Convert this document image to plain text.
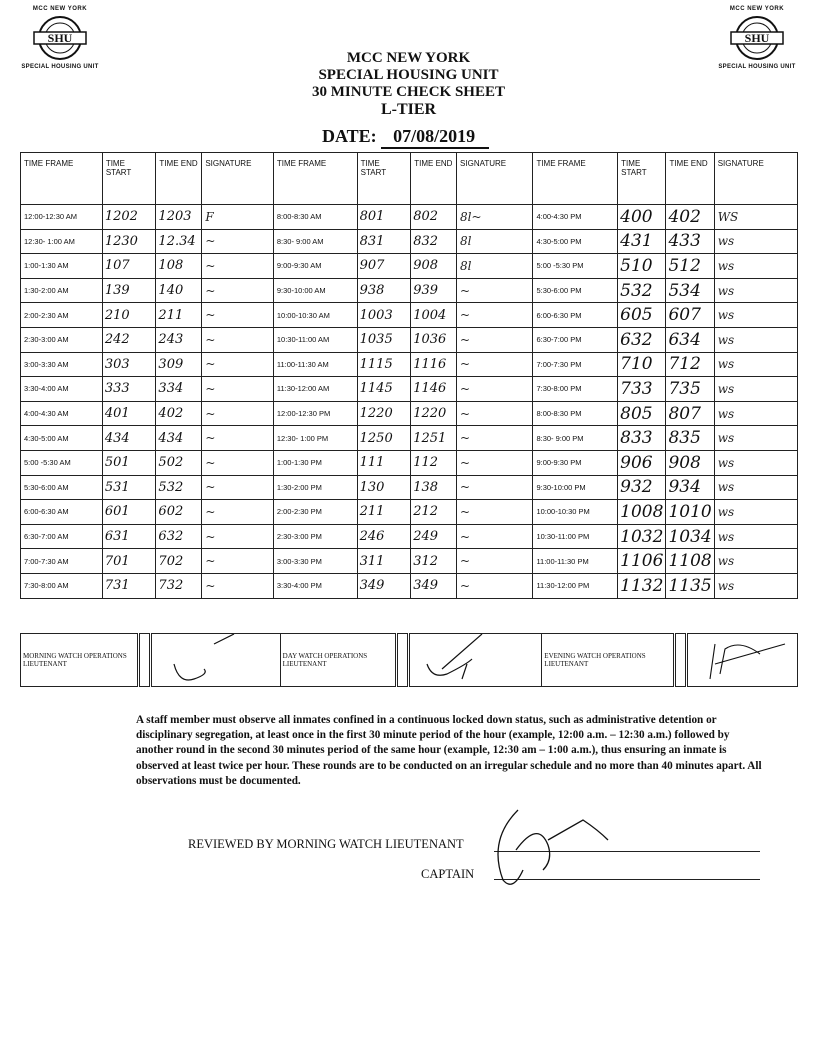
MCC NEW YORK
SHU
SPECIAL HOUSING UNIT
MCC NEW YORK
SHU
SPECIAL HOUSING UNIT
MCC NEW YORK
SPECIAL HOUSING UNIT
30 MINUTE CHECK SHEET
L-TIER
DATE: 07/08/2019
TIME FRAME	TIME START	TIME END	SIGNATURE	TIME FRAME	TIME START	TIME END	SIGNATURE	TIME FRAME	TIME START	TIME END	SIGNATURE
12:00-12:30 AM	1202	1203	F	8:00-8:30 AM	801	802	8l~	4:00-4:30 PM	400	402	WS
12:30- 1:00 AM	1230	12.34	~	8:30- 9:00 AM	831	832	8l	4:30-5:00 PM	431	433	ws
1:00-1:30 AM	107	108	~	9:00-9:30 AM	907	908	8l	5:00 -5:30 PM	510	512	ws
1:30-2:00 AM	139	140	~	9:30-10:00 AM	938	939	~	5:30-6:00 PM	532	534	ws
2:00-2:30 AM	210	211	~	10:00-10:30 AM	1003	1004	~	6:00-6:30 PM	605	607	ws
2:30-3:00 AM	242	243	~	10:30-11:00 AM	1035	1036	~	6:30-7:00 PM	632	634	ws
3:00-3:30 AM	303	309	~	11:00-11:30 AM	1115	1116	~	7:00-7:30 PM	710	712	ws
3:30-4:00 AM	333	334	~	11:30-12:00 AM	1145	1146	~	7:30-8:00 PM	733	735	ws
4:00-4:30 AM	401	402	~	12:00-12:30 PM	1220	1220	~	8:00-8:30 PM	805	807	ws
4:30-5:00 AM	434	434	~	12:30- 1:00 PM	1250	1251	~	8:30- 9:00 PM	833	835	ws
5:00 -5:30 AM	501	502	~	1:00-1:30 PM	111	112	~	9:00-9:30 PM	906	908	ws
5:30-6:00 AM	531	532	~	1:30-2:00 PM	130	138	~	9:30-10:00 PM	932	934	ws
6:00-6:30 AM	601	602	~	2:00-2:30 PM	211	212	~	10:00-10:30 PM	1008	1010	ws
6:30-7:00 AM	631	632	~	2:30-3:00 PM	246	249	~	10:30-11:00 PM	1032	1034	ws
7:00-7:30 AM	701	702	~	3:00-3:30 PM	311	312	~	11:00-11:30 PM	1106	1108	ws
7:30-8:00 AM	731	732	~	3:30-4:00 PM	349	349	~	11:30-12:00 PM	1132	1135	ws
MORNING WATCH OPERATIONS LIEUTENANT			DAY WATCH OPERATIONS LIEUTENANT			EVENING WATCH OPERATIONS LIEUTENANT		
A staff member must observe all inmates confined in a continuous locked down status, such as administrative detention or disciplinary segregation, at least once in the first 30 minute period of the hour (example, 12:00 a.m. – 12:30 a.m.) followed by another round in the second 30 minutes period of the same hour (example, 12:30 am – 1:00 a.m.), thus ensuring an inmate is observed at least twice per hour. These rounds are to be conducted on an irregular schedule and no more than 40 minutes apart. All observations must be documented.
REVIEWED BY MORNING WATCH LIEUTENANT
CAPTAIN
